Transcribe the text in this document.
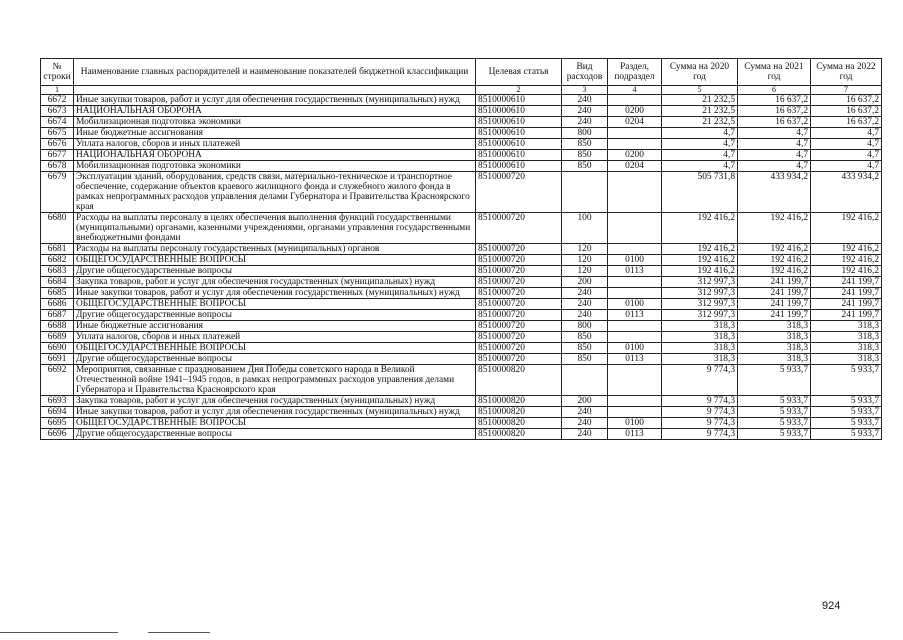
№ строки	Наименование главных распорядителей и наименование показателей бюджетной классификации	Целевая статья	Вид расходов	Раздел, подраздел	Сумма на 2020 год	Сумма на 2021 год	Сумма на 2022 год
1		2	3	4	5	6	7
6672	Иные закупки товаров, работ и услуг для обеспечения государственных (муниципальных) нужд	8510000610	240		21 232,5	16 637,2	16 637,2
6673	НАЦИОНАЛЬНАЯ ОБОРОНА	8510000610	240	0200	21 232,5	16 637,2	16 637,2
6674	Мобилизационная подготовка экономики	8510000610	240	0204	21 232,5	16 637,2	16 637,2
6675	Иные бюджетные ассигнования	8510000610	800		4,7	4,7	4,7
6676	Уплата налогов, сборов и иных платежей	8510000610	850		4,7	4,7	4,7
6677	НАЦИОНАЛЬНАЯ ОБОРОНА	8510000610	850	0200	4,7	4,7	4,7
6678	Мобилизационная подготовка экономики	8510000610	850	0204	4,7	4,7	4,7
6679	Эксплуатация зданий, оборудования, средств связи, материально-техническое и транспортное обеспечение, содержание объектов краевого жилищного фонда и служебного жилого фонда в рамках непрограммных расходов управления делами Губернатора и Правительства Красноярского края	8510000720			505 731,8	433 934,2	433 934,2
6680	Расходы на выплаты персоналу в целях обеспечения выполнения функций государственными (муниципальными) органами, казенными учреждениями, органами управления государственными внебюджетными фондами	8510000720	100		192 416,2	192 416,2	192 416,2
6681	Расходы на выплаты персоналу государственных (муниципальных) органов	8510000720	120		192 416,2	192 416,2	192 416,2
6682	ОБЩЕГОСУДАРСТВЕННЫЕ ВОПРОСЫ	8510000720	120	0100	192 416,2	192 416,2	192 416,2
6683	Другие общегосударственные вопросы	8510000720	120	0113	192 416,2	192 416,2	192 416,2
6684	Закупка товаров, работ и услуг для обеспечения государственных (муниципальных) нужд	8510000720	200		312 997,3	241 199,7	241 199,7
6685	Иные закупки товаров, работ и услуг для обеспечения государственных (муниципальных) нужд	8510000720	240		312 997,3	241 199,7	241 199,7
6686	ОБЩЕГОСУДАРСТВЕННЫЕ ВОПРОСЫ	8510000720	240	0100	312 997,3	241 199,7	241 199,7
6687	Другие общегосударственные вопросы	8510000720	240	0113	312 997,3	241 199,7	241 199,7
6688	Иные бюджетные ассигнования	8510000720	800		318,3	318,3	318,3
6689	Уплата налогов, сборов и иных платежей	8510000720	850		318,3	318,3	318,3
6690	ОБЩЕГОСУДАРСТВЕННЫЕ ВОПРОСЫ	8510000720	850	0100	318,3	318,3	318,3
6691	Другие общегосударственные вопросы	8510000720	850	0113	318,3	318,3	318,3
6692	Мероприятия, связанные с празднованием Дня Победы советского народа в Великой Отечественной войне 1941–1945 годов, в рамках непрограммных расходов управления делами Губернатора и Правительства Красноярского края	8510000820			9 774,3	5 933,7	5 933,7
6693	Закупка товаров, работ и услуг для обеспечения государственных (муниципальных) нужд	8510000820	200		9 774,3	5 933,7	5 933,7
6694	Иные закупки товаров, работ и услуг для обеспечения государственных (муниципальных) нужд	8510000820	240		9 774,3	5 933,7	5 933,7
6695	ОБЩЕГОСУДАРСТВЕННЫЕ ВОПРОСЫ	8510000820	240	0100	9 774,3	5 933,7	5 933,7
6696	Другие общегосударственные вопросы	8510000820	240	0113	9 774,3	5 933,7	5 933,7
924
